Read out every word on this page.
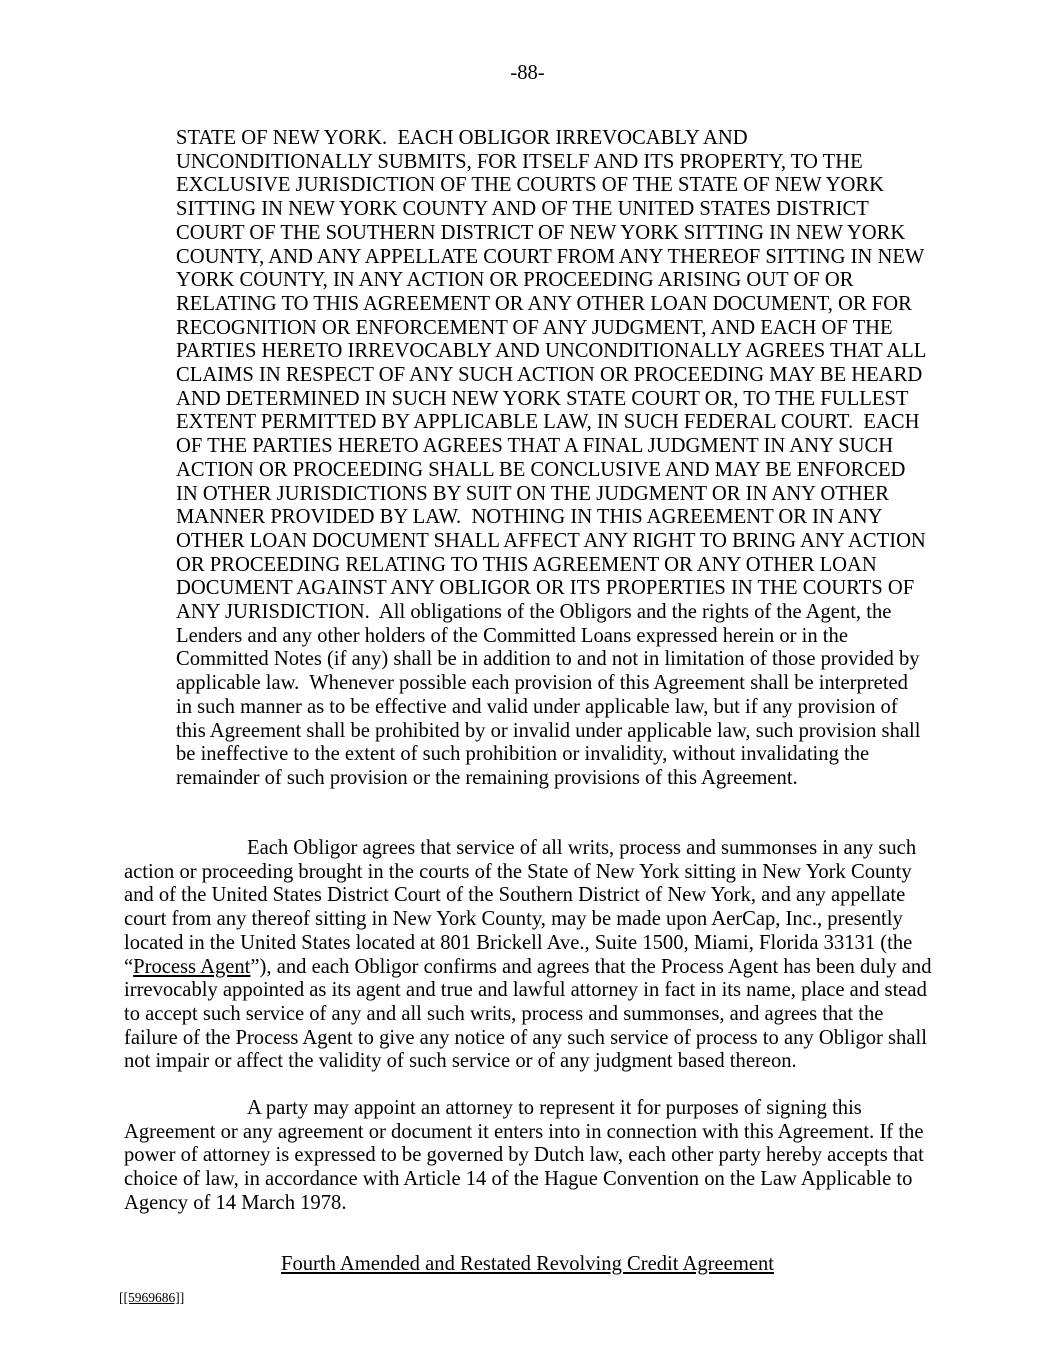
-88-
STATE OF NEW YORK.  EACH OBLIGOR IRREVOCABLY AND UNCONDITIONALLY SUBMITS, FOR ITSELF AND ITS PROPERTY, TO THE EXCLUSIVE JURISDICTION OF THE COURTS OF THE STATE OF NEW YORK SITTING IN NEW YORK COUNTY AND OF THE UNITED STATES DISTRICT COURT OF THE SOUTHERN DISTRICT OF NEW YORK SITTING IN NEW YORK COUNTY, AND ANY APPELLATE COURT FROM ANY THEREOF SITTING IN NEW YORK COUNTY, IN ANY ACTION OR PROCEEDING ARISING OUT OF OR RELATING TO THIS AGREEMENT OR ANY OTHER LOAN DOCUMENT, OR FOR RECOGNITION OR ENFORCEMENT OF ANY JUDGMENT, AND EACH OF THE PARTIES HERETO IRREVOCABLY AND UNCONDITIONALLY AGREES THAT ALL CLAIMS IN RESPECT OF ANY SUCH ACTION OR PROCEEDING MAY BE HEARD AND DETERMINED IN SUCH NEW YORK STATE COURT OR, TO THE FULLEST EXTENT PERMITTED BY APPLICABLE LAW, IN SUCH FEDERAL COURT.  EACH OF THE PARTIES HERETO AGREES THAT A FINAL JUDGMENT IN ANY SUCH ACTION OR PROCEEDING SHALL BE CONCLUSIVE AND MAY BE ENFORCED IN OTHER JURISDICTIONS BY SUIT ON THE JUDGMENT OR IN ANY OTHER MANNER PROVIDED BY LAW.  NOTHING IN THIS AGREEMENT OR IN ANY OTHER LOAN DOCUMENT SHALL AFFECT ANY RIGHT TO BRING ANY ACTION OR PROCEEDING RELATING TO THIS AGREEMENT OR ANY OTHER LOAN DOCUMENT AGAINST ANY OBLIGOR OR ITS PROPERTIES IN THE COURTS OF ANY JURISDICTION.  All obligations of the Obligors and the rights of the Agent, the Lenders and any other holders of the Committed Loans expressed herein or in the Committed Notes (if any) shall be in addition to and not in limitation of those provided by applicable law.  Whenever possible each provision of this Agreement shall be interpreted in such manner as to be effective and valid under applicable law, but if any provision of this Agreement shall be prohibited by or invalid under applicable law, such provision shall be ineffective to the extent of such prohibition or invalidity, without invalidating the remainder of such provision or the remaining provisions of this Agreement.
Each Obligor agrees that service of all writs, process and summonses in any such action or proceeding brought in the courts of the State of New York sitting in New York County and of the United States District Court of the Southern District of New York, and any appellate court from any thereof sitting in New York County, may be made upon AerCap, Inc., presently located in the United States located at 801 Brickell Ave., Suite 1500, Miami, Florida 33131 (the “Process Agent”), and each Obligor confirms and agrees that the Process Agent has been duly and irrevocably appointed as its agent and true and lawful attorney in fact in its name, place and stead to accept such service of any and all such writs, process and summonses, and agrees that the failure of the Process Agent to give any notice of any such service of process to any Obligor shall not impair or affect the validity of such service or of any judgment based thereon.
A party may appoint an attorney to represent it for purposes of signing this Agreement or any agreement or document it enters into in connection with this Agreement. If the power of attorney is expressed to be governed by Dutch law, each other party hereby accepts that choice of law, in accordance with Article 14 of the Hague Convention on the Law Applicable to Agency of 14 March 1978.
Fourth Amended and Restated Revolving Credit Agreement
[[5969686]]
